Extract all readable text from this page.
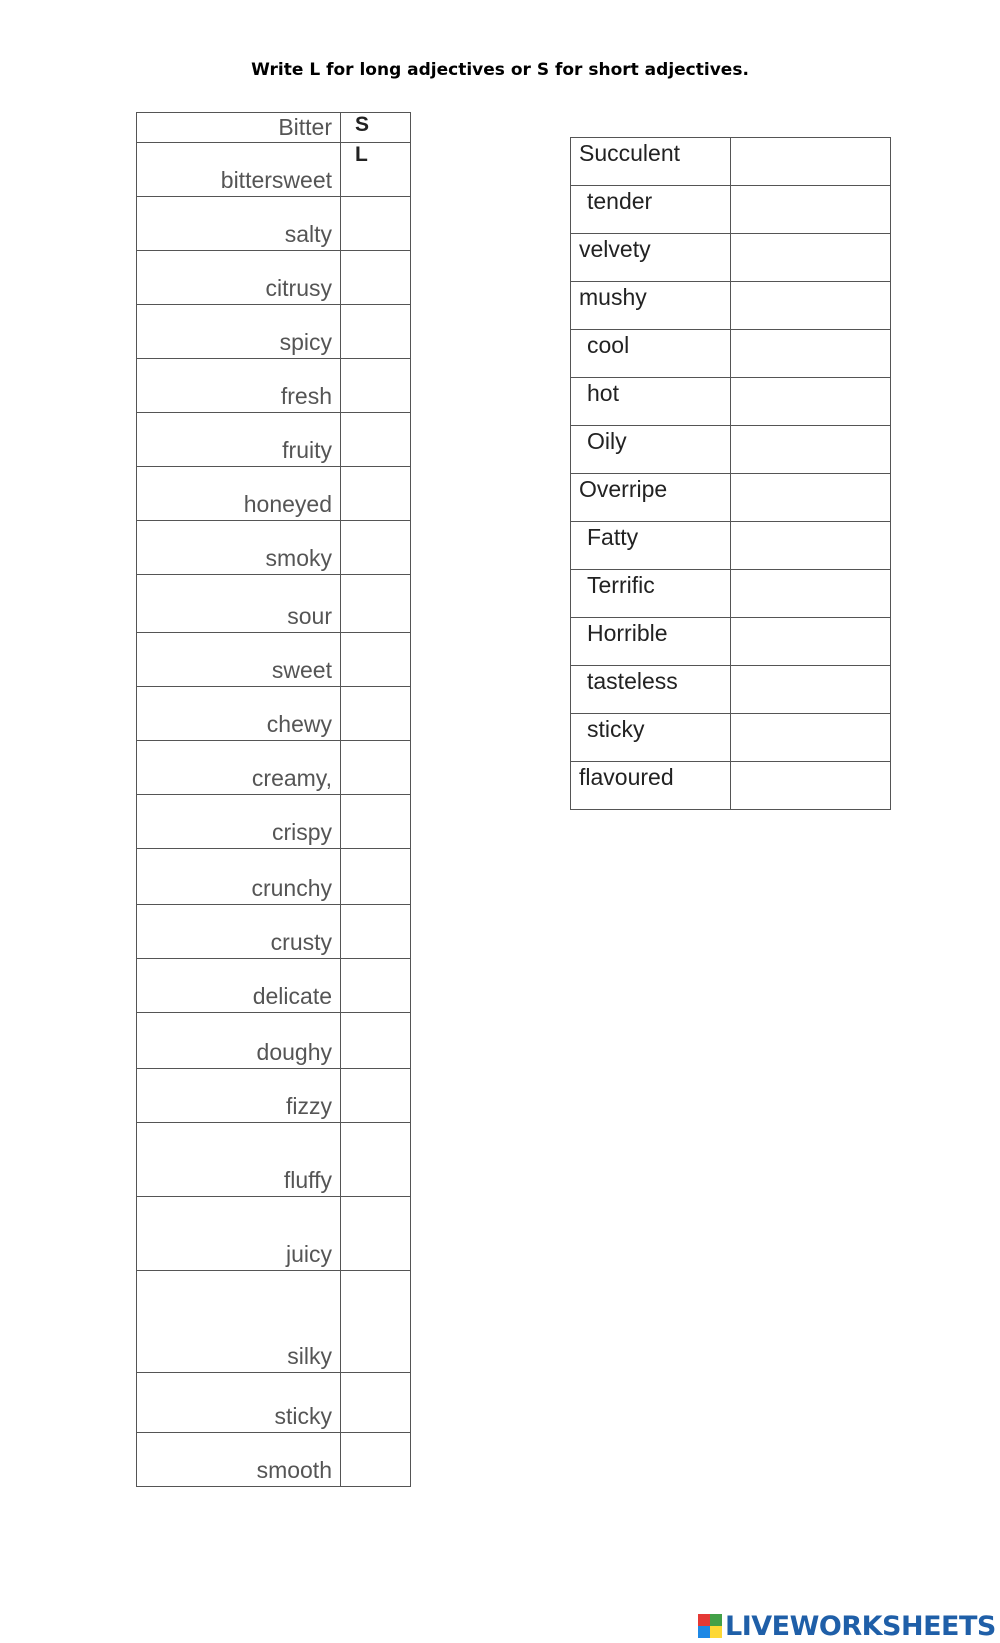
Write L for long adjectives or S for short adjectives.
Bitter	S
bittersweet	L
salty	
citrusy	
spicy	
fresh	
fruity	
honeyed	
smoky	
sour	
sweet	
chewy	
creamy,	
crispy	
crunchy	
crusty	
delicate	
doughy	
fizzy	
fluffy	
juicy	
silky	
sticky	
smooth	
Succulent	
tender	
velvety	
mushy	
cool	
hot	
Oily	
Overripe	
Fatty	
Terrific	
Horrible	
tasteless	
sticky	
flavoured	
LIVEWORKSHEETS
